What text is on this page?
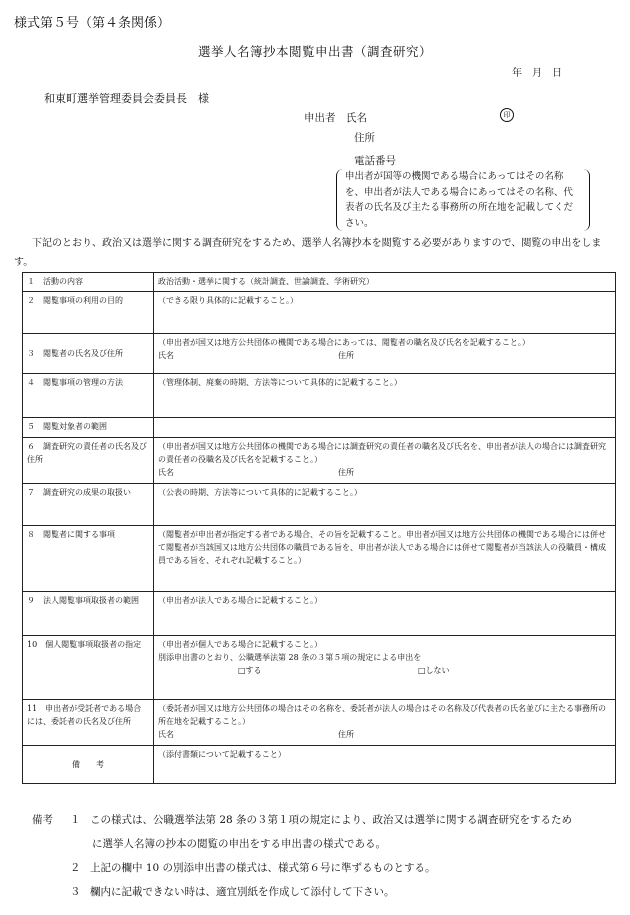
様式第５号（第４条関係）
選挙人名簿抄本閲覧申出書（調査研究）
年　月　日
和東町選挙管理委員会委員長　様
申出者　氏名	印
住所
電話番号
申出者が国等の機関である場合にあってはその名称を、申出者が法人である場合にあってはその名称、代表者の氏名及び主たる事務所の所在地を記載してください。
下記のとおり、政治又は選挙に関する調査研究をするため、選挙人名簿抄本を閲覧する必要がありますので、閲覧の申出をします。
１　活動の内容	政治活動・選挙に関する（統計調査、世論調査、学術研究）
２　閲覧事項の利用の目的	（できる限り具体的に記載すること。）
３　閲覧者の氏名及び住所	（申出者が国又は地方公共団体の機関である場合にあっては、閲覧者の職名及び氏名を記載すること。）
氏名 住所

４　閲覧事項の管理の方法	（管理体制、廃棄の時期、方法等について具体的に記載すること。）
５　閲覧対象者の範囲	
６　調査研究の責任者の氏名及び住所	（申出者が国又は地方公共団体の機関である場合には調査研究の責任者の職名及び氏名を、申出者が法人の場合には調査研究の責任者の役職名及び氏名を記載すること。）
氏名 住所

７　調査研究の成果の取扱い	（公表の時期、方法等について具体的に記載すること。）
８　閲覧者に関する事項	（閲覧者が申出者が指定する者である場合、その旨を記載すること。申出者が国又は地方公共団体の機関である場合には併せて閲覧者が当該国又は地方公共団体の職員である旨を、申出者が法人である場合には併せて閲覧者が当該法人の役職員・構成員である旨を、それぞれ記載すること。）
９　法人閲覧事項取扱者の範囲	（申出者が法人である場合に記載すること。）
10　個人閲覧事項取扱者の指定	（申出者が個人である場合に記載すること。）
別添申出書のとおり、公職選挙法第 28 条の３第５項の規定による申出を
□する □しない

11　申出者が受託者である場合には、委託者の氏名及び住所	（委託者が国又は地方公共団体の場合はその名称を、委託者が法人の場合はその名称及び代表者の氏名並びに主たる事務所の所在地を記載すること。）
氏名 住所

備　　考	（添付書類について記載すること）
備考	１ この様式は、公職選挙法第 28 条の３第１項の規定により、政治又は選挙に関する調査研究をするため
に選挙人名簿の抄本の閲覧の申出をする申出書の様式である。
２ 上記の欄中 10 の別添申出書の様式は、様式第６号に準ずるものとする。
３ 欄内に記載できない時は、適宜別紙を作成して添付して下さい。
